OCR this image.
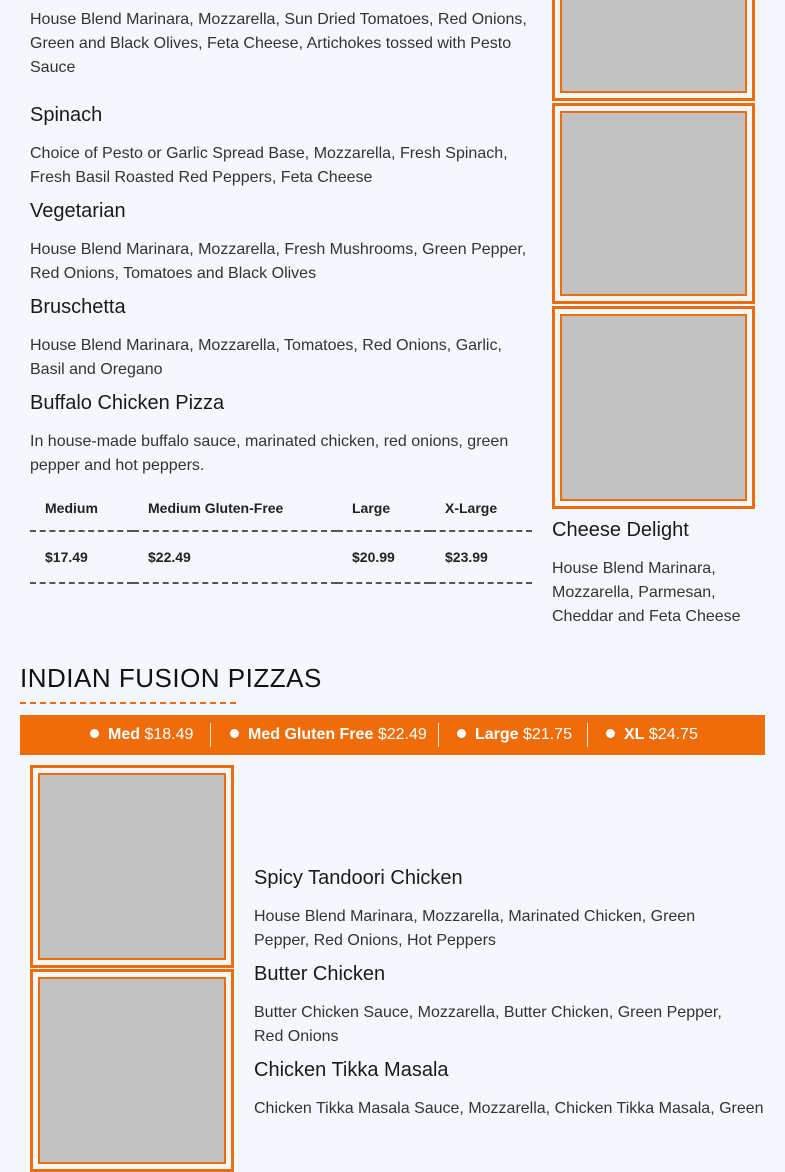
House Blend Marinara, Mozzarella, Sun Dried Tomatoes, Red Onions, Green and Black Olives, Feta Cheese, Artichokes tossed with Pesto Sauce

Spinach

Choice of Pesto or Garlic Spread Base, Mozzarella, Fresh Spinach, Fresh Basil Roasted Red Peppers, Feta Cheese

Vegetarian

House Blend Marinara, Mozzarella, Fresh Mushrooms, Green Pepper, Red Onions, Tomatoes and Black Olives

Bruschetta

House Blend Marinara, Mozzarella, Tomatoes, Red Onions, Garlic, Basil and Oregano

Buffalo Chicken Pizza

In house-made buffalo sauce, marinated chicken, red onions, green pepper and hot peppers.

Medium	Medium Gluten-Free	Large	X-Large
$17.49	$22.49	$20.99	$23.99
Cheese Delight

House Blend Marinara, Mozzarella, Parmesan, Cheddar and Feta Cheese

INDIAN FUSION PIZZAS
Med $18.49	Med Gluten Free $22.49	Large $21.75	XL $24.75
Spicy Tandoori Chicken

House Blend Marinara, Mozzarella, Marinated Chicken, Green Pepper, Red Onions, Hot Peppers

Butter Chicken

Butter Chicken Sauce, Mozzarella, Butter Chicken, Green Pepper, Red Onions

Chicken Tikka Masala

Chicken Tikka Masala Sauce, Mozzarella, Chicken Tikka Masala, Green
